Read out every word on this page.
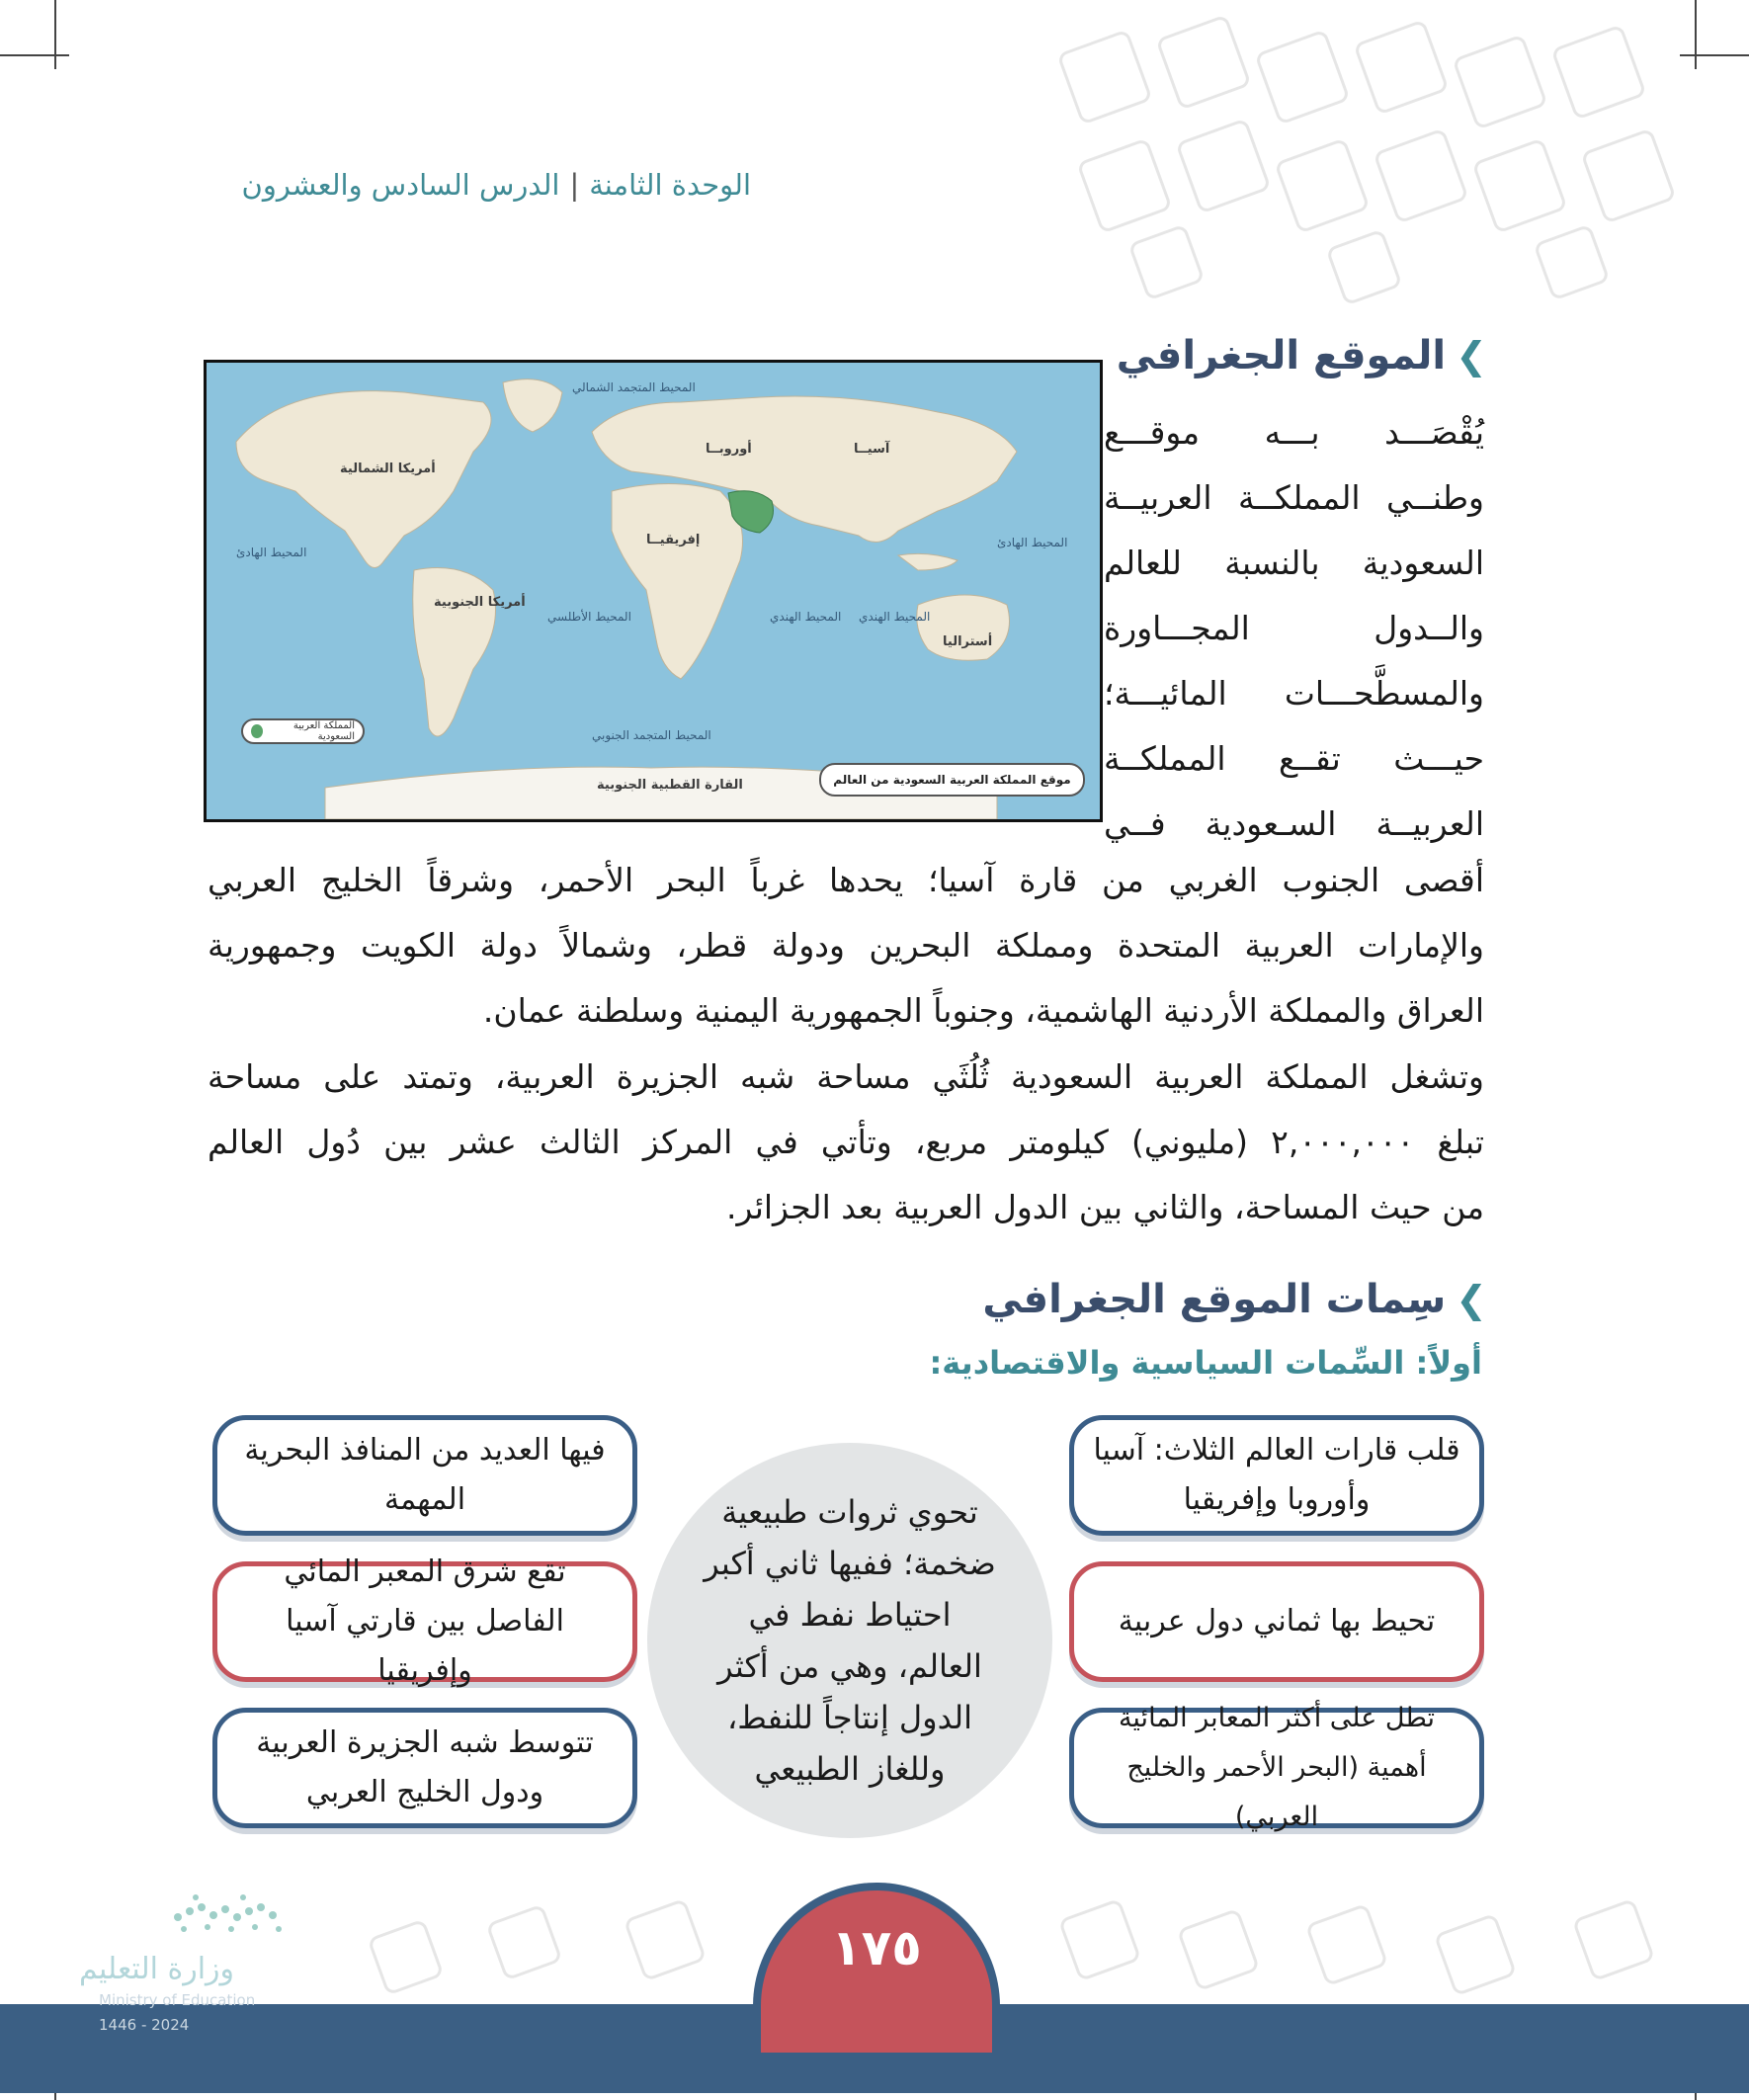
الوحدة الثامنة|الدرس السادس والعشرون
❯الموقع الجغرافي
يُقْصَـــد بـــه موقـــع
وطنــي المملكــة العربيــة
السعودية بالنسبة للعالم
والــدول المجـــاورة
والمسطَّحـــات المائيـــة؛
حيـــث تقــع المملكــة
العربيــة السـعودية فــي
المحيط المتجمد الشمالي
أوروبــا	آسيــا
أمريكا الشمالية
إفريقيــا
المحيط الهادئ
المحيط الهادئ
أمريكا الجنوبية
المحيط الأطلسي	المحيط الهندي المحيط الهندي
أستراليا
المحيط المتجمد الجنوبي
القارة القطبية الجنوبية
المملكة العربية السعودية
موقع المملكة العربية السعودية من العالم
أقصى الجنوب الغربي من قارة آسيا؛ يحدها غرباً البحر الأحمر، وشرقاً الخليج العربي
والإمارات العربية المتحدة ومملكة البحرين ودولة قطر، وشمالاً دولة الكويت وجمهورية
العراق والمملكة الأردنية الهاشمية، وجنوباً الجمهورية اليمنية وسلطنة عمان.
وتشغل المملكة العربية السعودية ثُلُثَي مساحة شبه الجزيرة العربية، وتمتد على مساحة
تبلغ ٢,٠٠٠,٠٠٠ (مليوني) كيلومتر مربع، وتأتي في المركز الثالث عشر بين دُول العالم
من حيث المساحة، والثاني بين الدول العربية بعد الجزائر.
❯سِمات الموقع الجغرافي
أولاً: السِّمات السياسية والاقتصادية:
قلب قارات العالم الثلاث: آسيا وأوروبا وإفريقيا
تحيط بها ثماني دول عربية
تطل على أكثر المعابر المائية أهمية (البحر الأحمر والخليج العربي)
فيها العديد من المنافذ البحرية المهمة
تقع شرق المعبر المائي الفاصل بين قارتي آسيا وإفريقيا
تتوسط شبه الجزيرة العربية ودول الخليج العربي
تحوي ثروات طبيعية ضخمة؛ ففيها ثاني أكبر احتياط نفط في العالم، وهي من أكثر الدول إنتاجاً للنفط، وللغاز الطبيعي
١٧٥
وزارة التعليم
Ministry of Education
2024 - 1446
